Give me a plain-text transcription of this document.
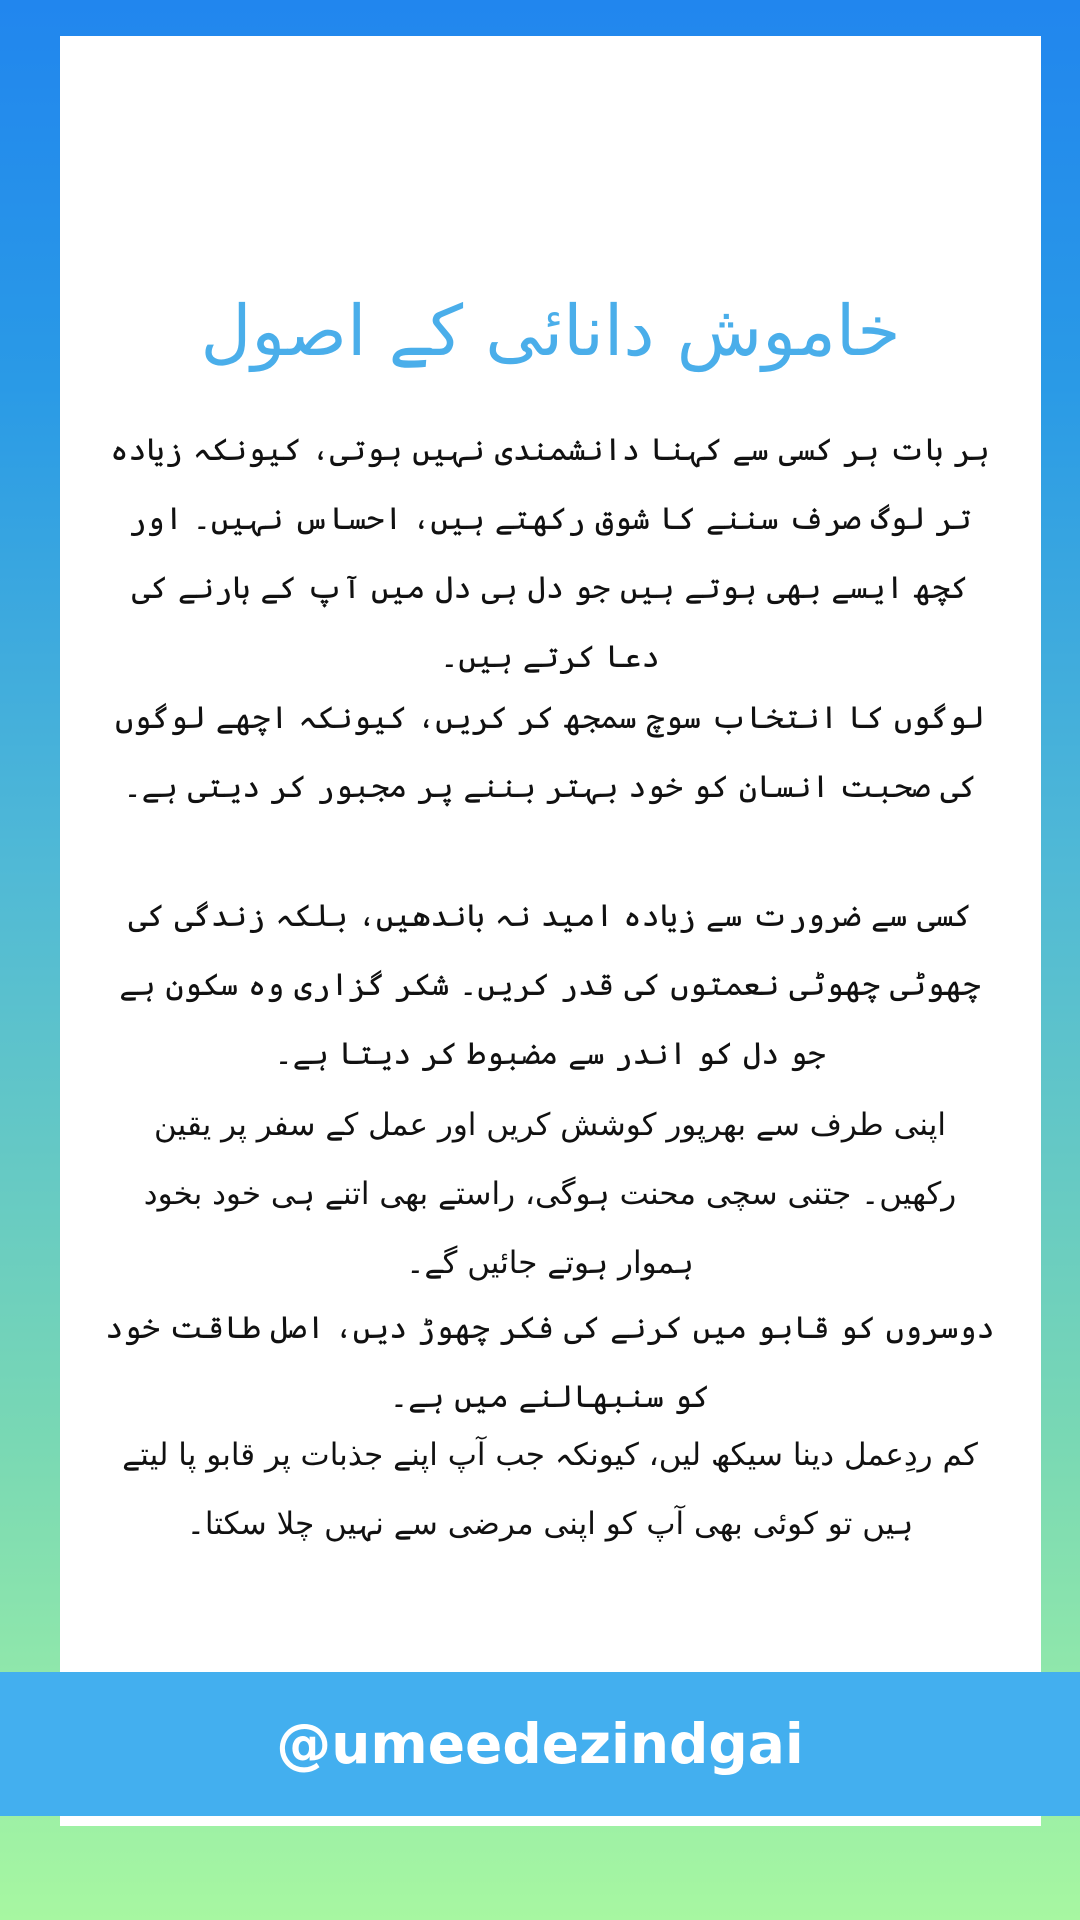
خاموش دانائی کے اصول

ہر بات ہر کسی سے کہنا دانشمندی نہیں ہوتی، کیونکہ زیادہ تر لوگ صرف سننے کا شوق رکھتے ہیں، احساس نہیں۔ اور کچھ ایسے بھی ہوتے ہیں جو دل ہی دل میں آپ کے ہارنے کی دعا کرتے ہیں۔

لوگوں کا انتخاب سوچ سمجھ کر کریں، کیونکہ اچھے لوگوں کی صحبت انسان کو خود بہتر بننے پر مجبور کر دیتی ہے۔

کسی سے ضرورت سے زیادہ امید نہ باندھیں، بلکہ زندگی کی چھوٹی چھوٹی نعمتوں کی قدر کریں۔ شکر گزاری وہ سکون ہے جو دل کو اندر سے مضبوط کر دیتا ہے۔

اپنی طرف سے بھرپور کوشش کریں اور عمل کے سفر پر یقین رکھیں۔ جتنی سچی محنت ہوگی، راستے بھی اتنے ہی خود بخود ہموار ہوتے جائیں گے۔

دوسروں کو قابو میں کرنے کی فکر چھوڑ دیں، اصل طاقت خود کو سنبھالنے میں ہے۔

کم ردِعمل دینا سیکھ لیں، کیونکہ جب آپ اپنے جذبات پر قابو پا لیتے ہیں تو کوئی بھی آپ کو اپنی مرضی سے نہیں چلا سکتا۔

@umeedezindgai
